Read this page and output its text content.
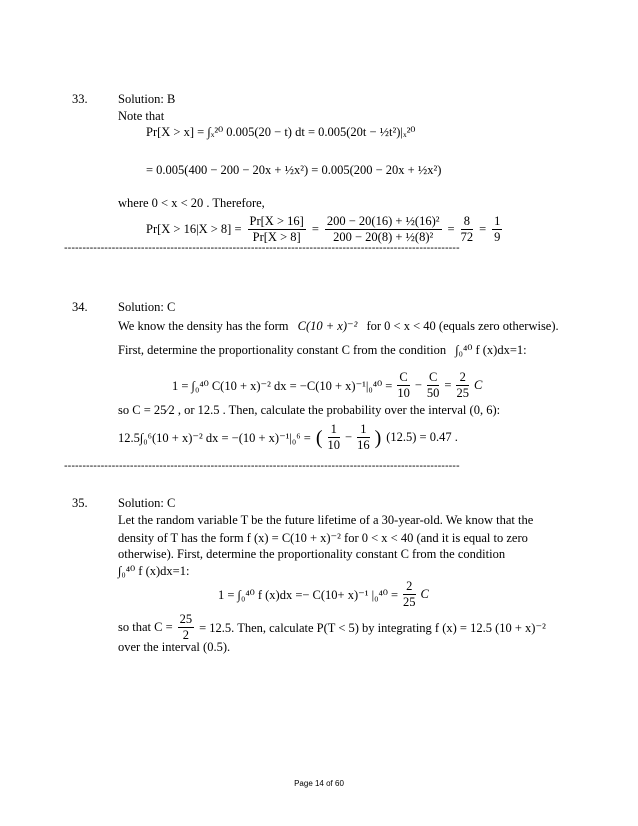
33. Solution: B
Note that
Pr[X > x] = ∫ₓ²⁰ 0.005(20 − t) dt = 0.005(20t − ½t²)|ₓ²⁰
= 0.005(400 − 200 − 20x + ½x²) = 0.005(200 − 20x + ½x²)
where 0 < x < 20 . Therefore,
$Pr[X > 16|X > 8] = \frac{Pr[X > 16]}{Pr[X > 8]} = \frac{\text{200 − 20(16) + ½(16)²}}{\text{200 − 20(8) + ½(8)²}} = \frac{8}{72} = \frac{1}{9}$
------------------------------------------------------------------------------------------------------------
34. Solution: C
We know the density has the form C(10 + x)⁻² for 0 < x < 40 (equals zero otherwise).
First, determine the proportionality constant C from the condition ∫₀⁴⁰ f (x)dx=1:
1 = ∫₀⁴⁰ C(10 + x)⁻² dx = $-C(10 + x)^{-1}|_0^{40} = \frac{C}{10} - \frac{C}{50} = \frac{2}{25}$ C
so C = 25⁄2 , or 12.5 . Then, calculate the probability over the interval (0, 6):
12.5∫₀⁶(10 + x)⁻² dx = −(10 + x)⁻¹|₀⁶ = ( $\frac{1}{10} - \frac{1}{16}$ ) (12.5) = 0.47 .
------------------------------------------------------------------------------------------------------------
35. Solution: C
Let the random variable T be the future lifetime of a 30-year-old. We know that the
density of T has the form f (x) = C(10 + x)⁻² for 0 < x < 40 (and it is equal to zero
otherwise). First, determine the proportionality constant C from the condition
∫₀⁴⁰ f (x)dx=1:
1 = ∫₀⁴⁰ f (x)dx =− C(10+ x)⁻¹ $|_0^{40} = \frac{2}{25}$ C
so that $C = \frac{25}{2} = 12.5$. Then, calculate P(T < 5) by integrating f (x) = 12.5 (10 + x)⁻²
over the interval (0.5).
Page 14 of 60
